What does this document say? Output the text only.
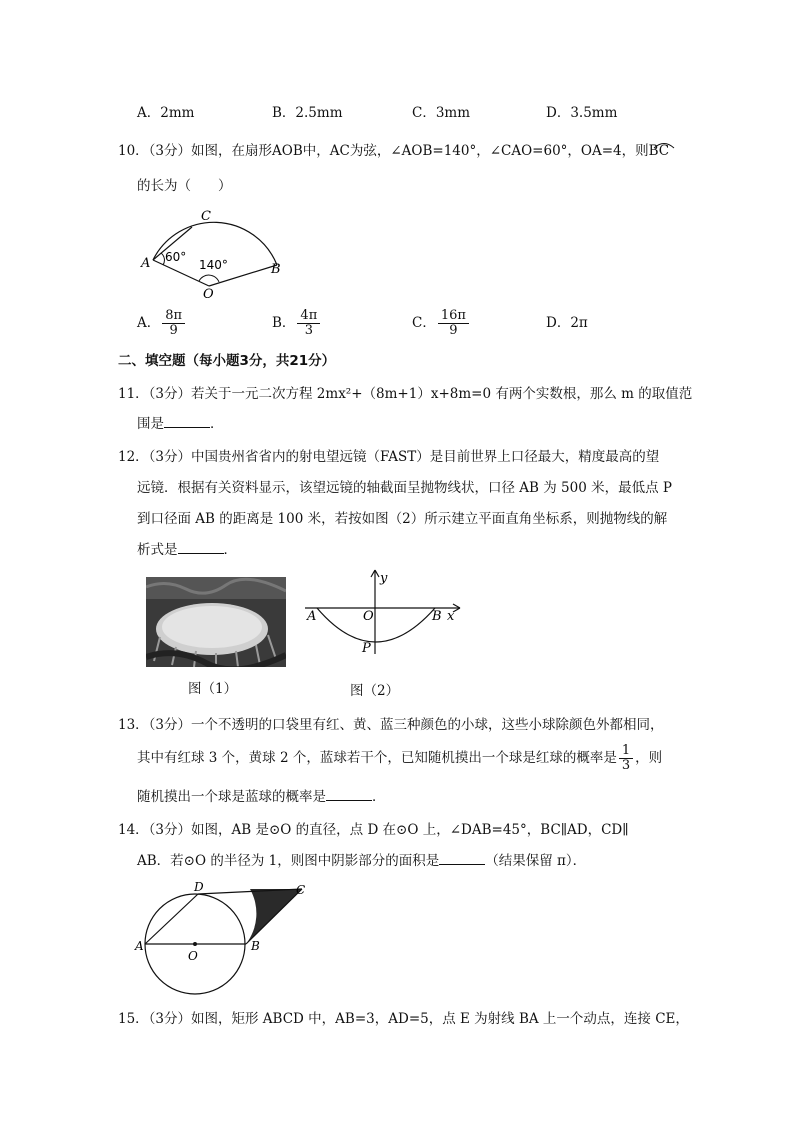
A．2mm	B．2.5mm	C．3mm	D．3.5mm
10．（3分）如图，在扇形AOB中，AC为弦，∠AOB=140°，∠CAO=60°，OA=4，则BC
的长为（　　）
C
A	B
O
60°
140°
A． $\frac{8\pi}{9}$	B． $\frac{4\pi}{3}$	C． $\frac{16\pi}{9}$	D．2π
二、填空题（每小题3分，共21分）
11．（3分）若关于一元二次方程 2mx²+（8m+1）x+8m=0 有两个实数根，那么 m 的取值范
围是	．
12．（3分）中国贵州省省内的射电望远镜（FAST）是目前世界上口径最大，精度最高的望
远镜．根据有关资料显示，该望远镜的轴截面呈抛物线状，口径 AB 为 500 米，最低点 P
到口径面 AB 的距离是 100 米，若按如图（2）所示建立平面直角坐标系，则抛物线的解
析式是	．
图（1）
y
x
A	O	B
P
图（2）
13．（3分）一个不透明的口袋里有红、黄、蓝三种颜色的小球，这些小球除颜色外都相同，
其中有红球 3 个，黄球 2 个，蓝球若干个，已知随机摸出一个球是红球的概率是 $\frac{1}{3}$ ，则
随机摸出一个球是蓝球的概率是	．
14．（3分）如图，AB 是⊙O 的直径，点 D 在⊙O 上，∠DAB=45°，BC∥AD，CD∥
AB．若⊙O 的半径为 1，则图中阴影部分的面积是	（结果保留 π）．
D	C
A	B
O
15．（3分）如图，矩形 ABCD 中，AB=3，AD=5，点 E 为射线 BA 上一个动点，连接 CE，
